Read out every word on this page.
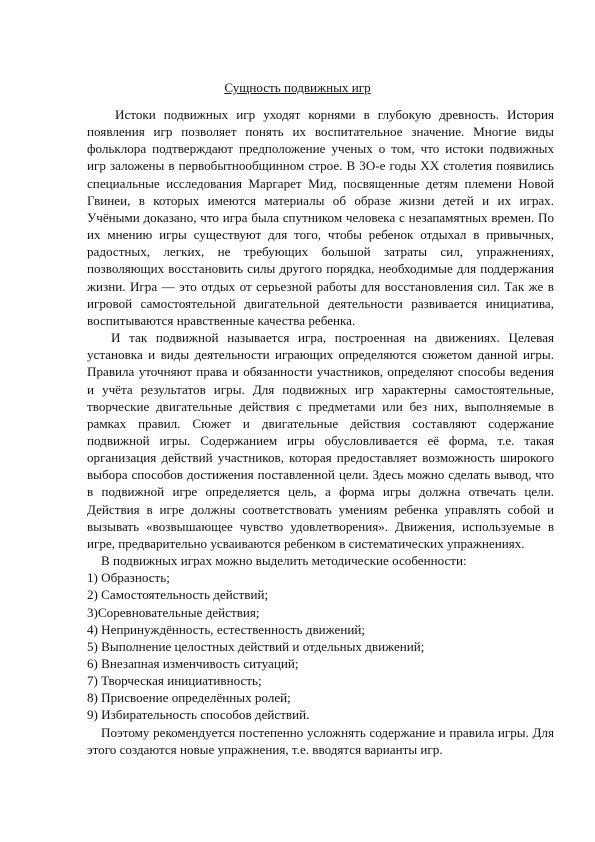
Сущность подвижных игр

Истоки подвижных игр уходят корнями в глубокую древность. История появления игр позволяет понять их воспитательное значение. Многие виды фольклора подтверждают предположение ученых о том, что истоки подвижных игр заложены в первобытнообщинном строе. В 3О-е годы ХХ столетия появились специальные исследования Маргарет Мид, посвященные детям племени Новой Гвинеи, в которых имеются материалы об образе жизни детей и их играх. Учёными доказано, что игра была спутником человека с незапамятных времен. По их мнению игры существуют для того, чтобы ребенок отдыхал в привычных, радостных, легких, не требующих большой затраты сил, упражнениях, позволяющих восстановить силы другого порядка, необходимые для поддержания жизни. Игра — это отдых от серьезной работы для восстановления сил. Так же в игровой самостоятельной двигательной деятельности развивается инициатива, воспитываются нравственные качества ребенка.

И так подвижной называется игра, построенная на движениях. Целевая установка и виды деятельности играющих определяются сюжетом данной игры. Правила уточняют права и обязанности участников, определяют способы ведения и учёта результатов игры. Для подвижных игр характерны самостоятельные, творческие двигательные действия с предметами или без них, выполняемые в рамках правил. Сюжет и двигательные действия составляют содержание подвижной игры. Содержанием игры обусловливается её форма, т.е. такая организация действий участников, которая предоставляет возможность широкого выбора способов достижения поставленной цели. Здесь можно сделать вывод, что в подвижной игре определяется цель, а форма игры должна отвечать цели. Действия в игре должны соответствовать умениям ребенка управлять собой и вызывать «возвышающее чувство удовлетворения». Движения, используемые в игре, предварительно усваиваются ребенком в систематических упражнениях.

В подвижных играх можно выделить методические особенности:

1) Образность;
2) Самостоятельность действий;
3)Соревновательные действия;
4) Непринуждённость, естественность движений;
5) Выполнение целостных действий и отдельных движений;
6) Внезапная изменчивость ситуаций;
7) Творческая инициативность;
8) Присвоение определённых ролей;
9) Избирательность способов действий.

Поэтому рекомендуется постепенно усложнять содержание и правила игры. Для этого создаются новые упражнения, т.е. вводятся варианты игр.
